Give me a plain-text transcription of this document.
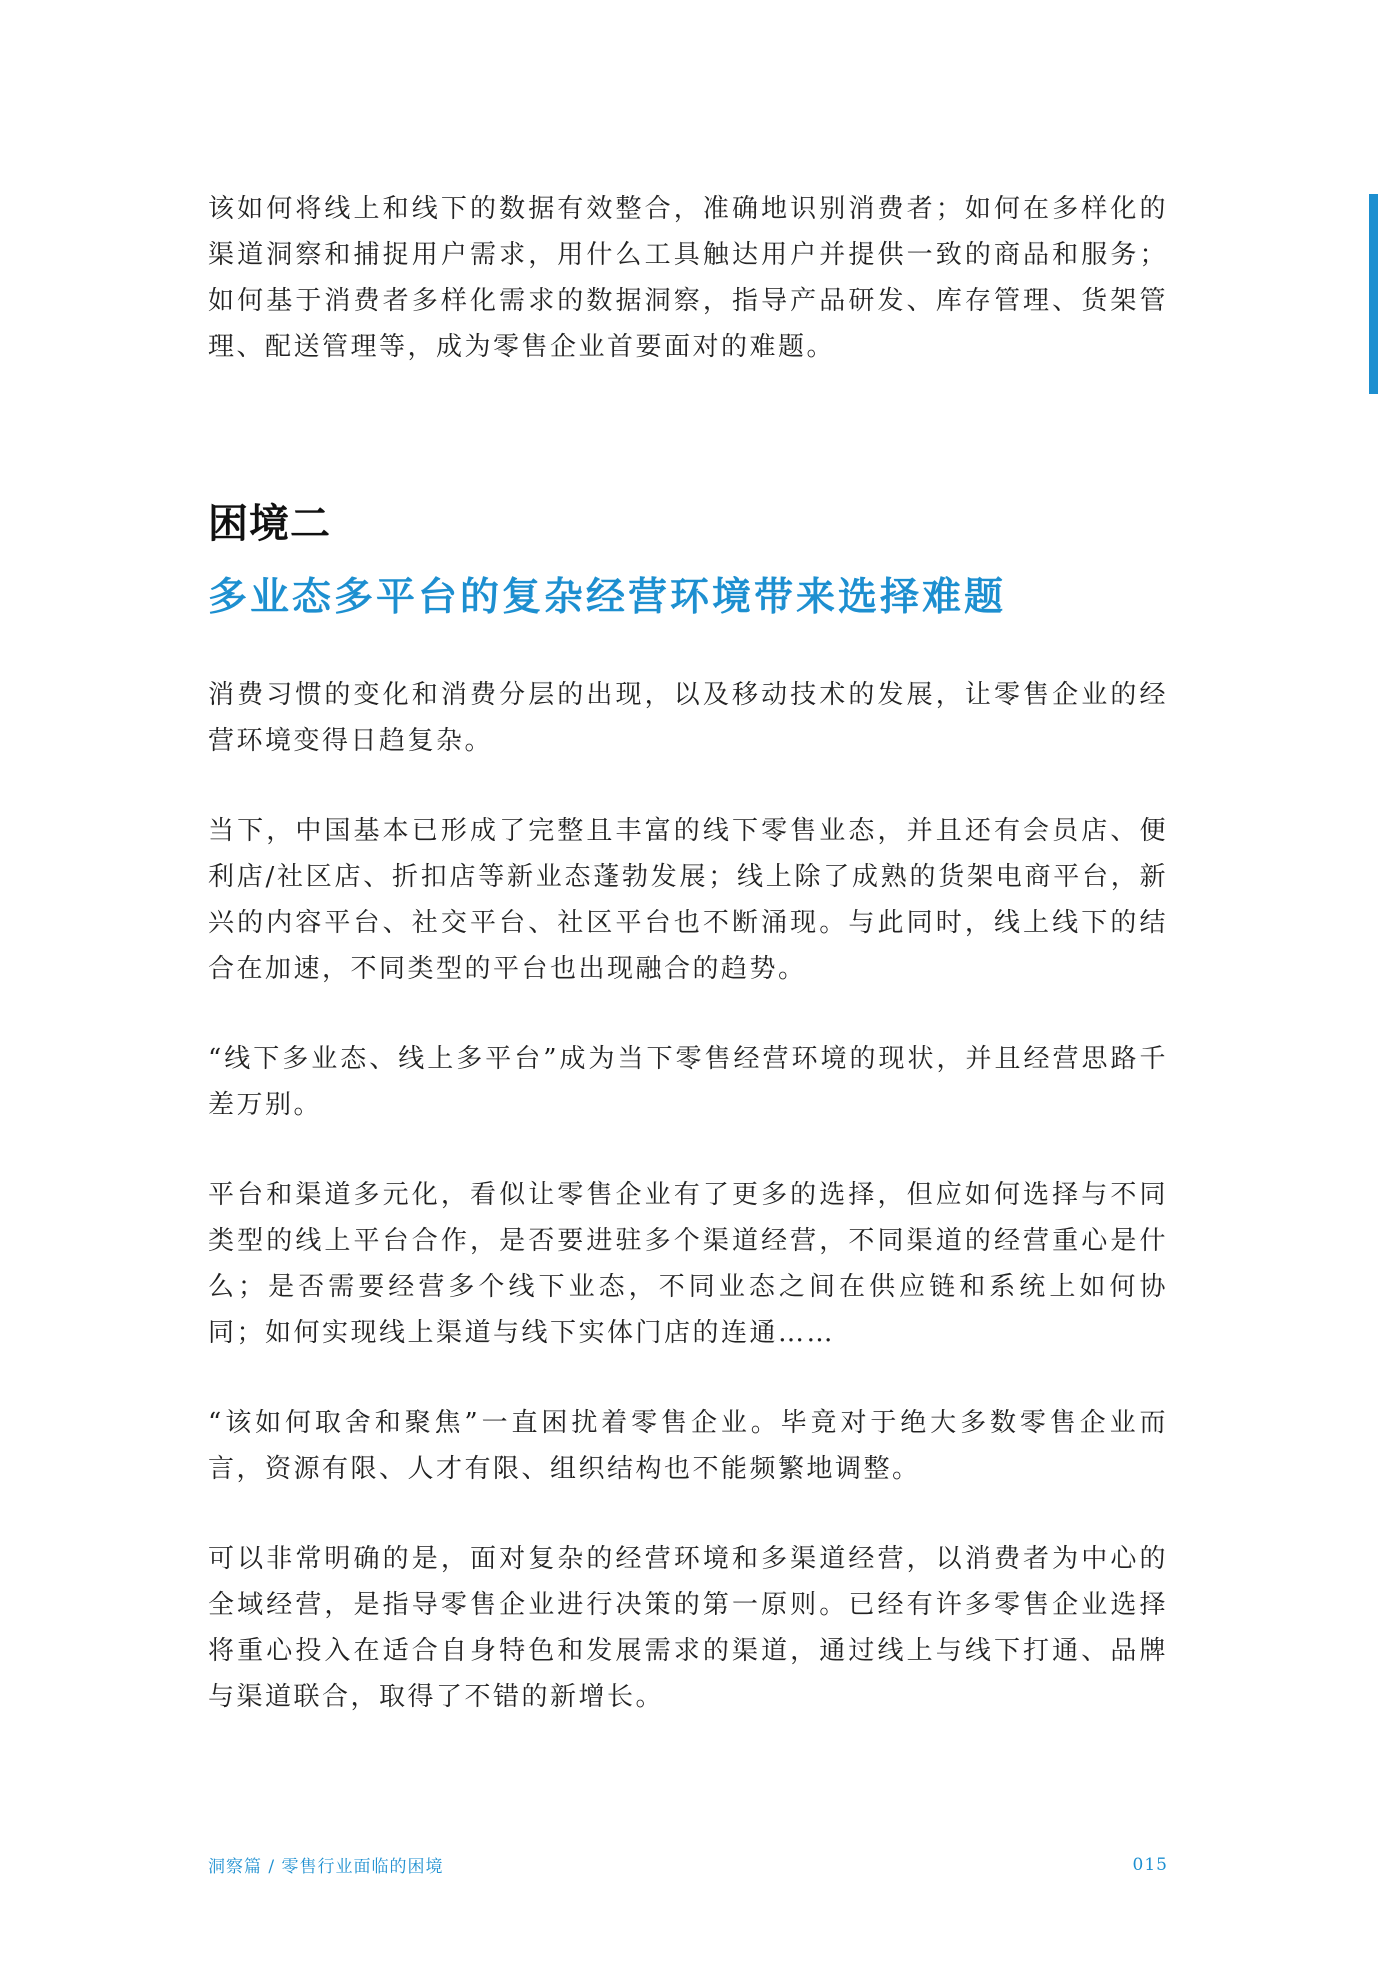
该如何将线上和线下的数据有效整合，准确地识别消费者；如何在多样化的渠道洞察和捕捉用户需求，用什么工具触达用户并提供一致的商品和服务；如何基于消费者多样化需求的数据洞察，指导产品研发、库存管理、货架管理、配送管理等，成为零售企业首要面对的难题。

困境二
多业态多平台的复杂经营环境带来选择难题

消费习惯的变化和消费分层的出现，以及移动技术的发展，让零售企业的经营环境变得日趋复杂。

当下，中国基本已形成了完整且丰富的线下零售业态，并且还有会员店、便利店/社区店、折扣店等新业态蓬勃发展；线上除了成熟的货架电商平台，新兴的内容平台、社交平台、社区平台也不断涌现。与此同时，线上线下的结合在加速，不同类型的平台也出现融合的趋势。

“线下多业态、线上多平台”成为当下零售经营环境的现状，并且经营思路千差万别。

平台和渠道多元化，看似让零售企业有了更多的选择，但应如何选择与不同类型的线上平台合作，是否要进驻多个渠道经营，不同渠道的经营重心是什么；是否需要经营多个线下业态，不同业态之间在供应链和系统上如何协同；如何实现线上渠道与线下实体门店的连通……

“该如何取舍和聚焦”一直困扰着零售企业。毕竟对于绝大多数零售企业而言，资源有限、人才有限、组织结构也不能频繁地调整。

可以非常明确的是，面对复杂的经营环境和多渠道经营，以消费者为中心的全域经营，是指导零售企业进行决策的第一原则。已经有许多零售企业选择将重心投入在适合自身特色和发展需求的渠道，通过线上与线下打通、品牌与渠道联合，取得了不错的新增长。

洞察篇 / 零售行业面临的困境	015
